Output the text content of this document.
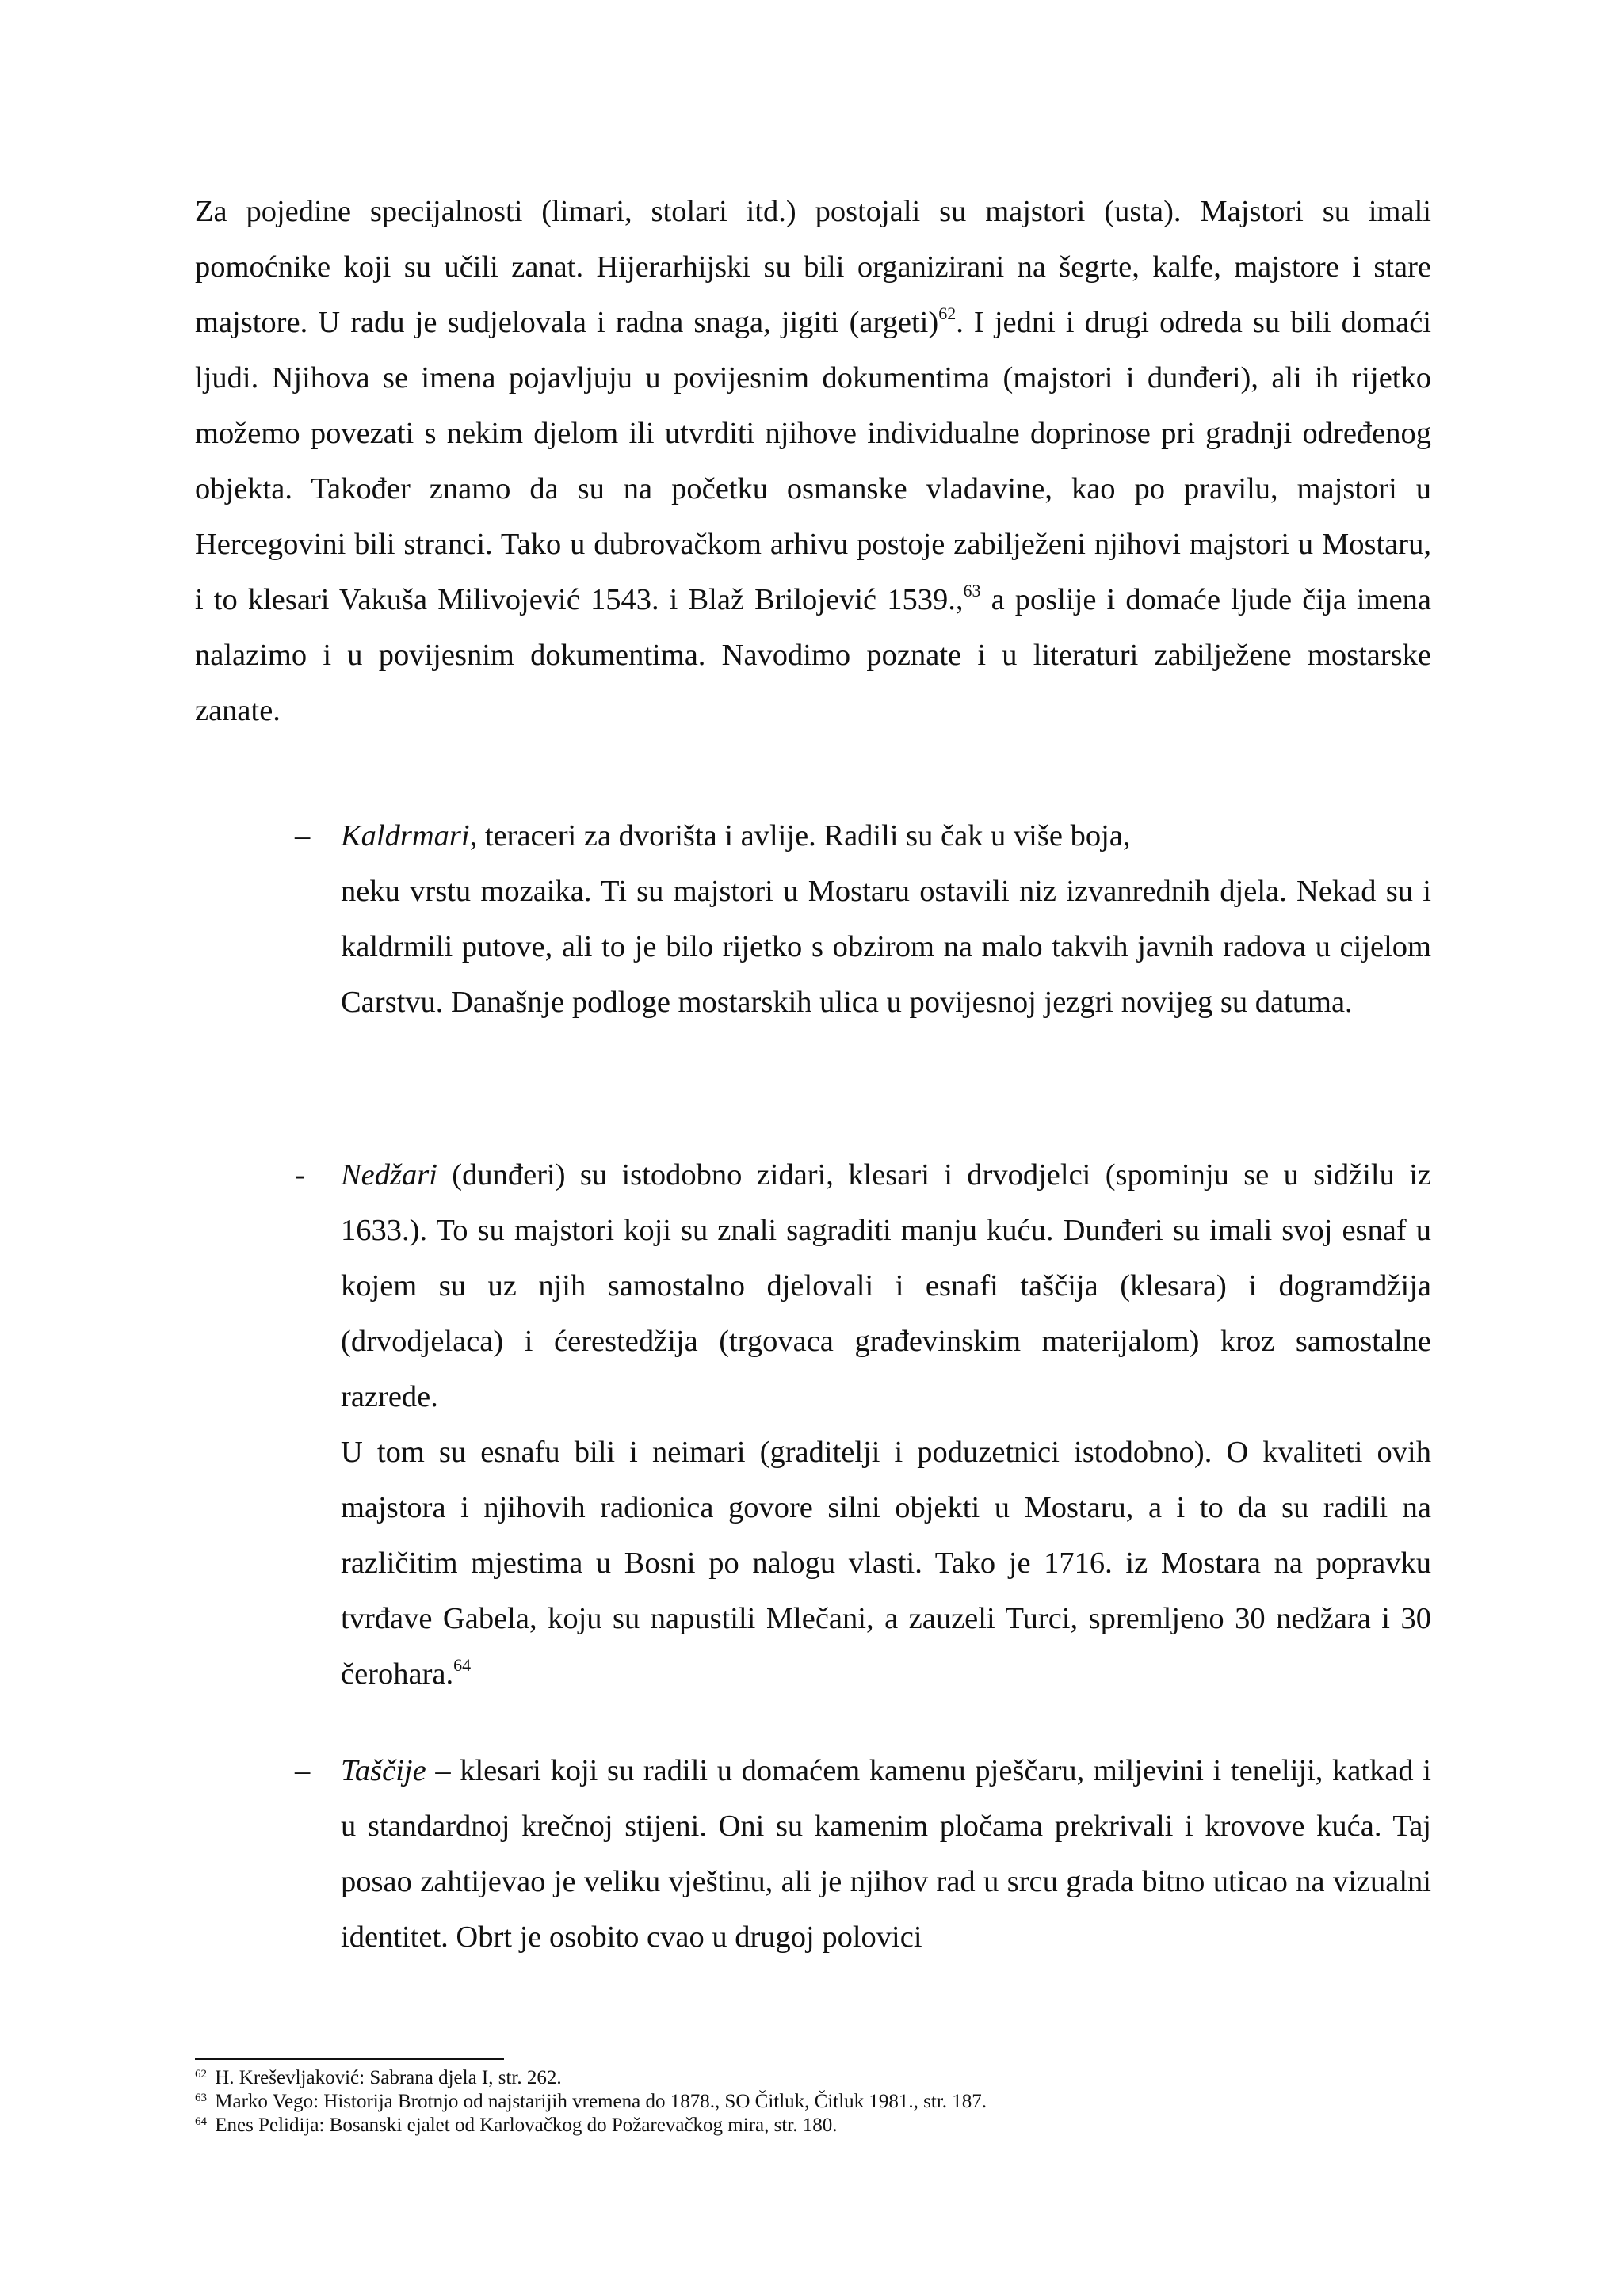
Za pojedine specijalnosti (limari, stolari itd.) postojali su majstori (usta). Majstori su imali pomoćnike koji su učili zanat. Hijerarhijski su bili organizirani na šegrte, kalfe, majstore i stare majstore. U radu je sudjelovala i radna snaga, jigiti (argeti)$^{62}$. I jedni i drugi odreda su bili domaći ljudi. Njihova se imena pojavljuju u povijesnim dokumentima (majstori i dunđeri), ali ih rijetko možemo povezati s nekim djelom ili utvrditi njihove individualne doprinose pri gradnji određenog objekta. Također znamo da su na početku osmanske vladavine, kao po pravilu, majstori u Hercegovini bili stranci. Tako u dubrovačkom arhivu postoje zabilježeni njihovi majstori u Mostaru, i to klesari Vakuša Milivojević 1543. i Blaž Brilojević 1539.,$^{63}$ a poslije i domaće ljude čija imena nalazimo i u povijesnim dokumentima. Navodimo poznate i u literaturi zabilježene mostarske zanate.

–	Kaldrmari, teraceri za dvorišta i avlije. Radili su čak u više boja,
neku vrstu mozaika. Ti su majstori u Mostaru ostavili niz izvanrednih djela. Nekad su i kaldrmili putove, ali to je bilo rijetko s obzirom na malo takvih javnih radova u cijelom Carstvu. Današnje podloge mostarskih ulica u povijesnoj jezgri novijeg su datuma.
-	Nedžari (dunđeri) su istodobno zidari, klesari i drvodjelci (spominju se u sidžilu iz 1633.). To su majstori koji su znali sagraditi manju kuću. Dunđeri su imali svoj esnaf u kojem su uz njih samostalno djelovali i esnafi taščija (klesara) i dogramdžija (drvodjelaca) i ćerestedžija (trgovaca građevinskim materijalom) kroz samostalne razrede.
U tom su esnafu bili i neimari (graditelji i poduzetnici istodobno). O kvaliteti ovih majstora i njihovih radionica govore silni objekti u Mostaru, a i to da su radili na različitim mjestima u Bosni po nalogu vlasti. Tako je 1716. iz Mostara na popravku tvrđave Gabela, koju su napustili Mlečani, a zauzeli Turci, spremljeno 30 nedžara i 30 čerohara.$^{64}$
–	Taščije – klesari koji su radili u domaćem kamenu pješčaru, miljevini i teneliji, katkad i u standardnoj krečnoj stijeni. Oni su kamenim pločama prekrivali i krovove kuća. Taj posao zahtijevao je veliku vještinu, ali je njihov rad u srcu grada bitno uticao na vizualni identitet. Obrt je osobito cvao u drugoj polovici
$^{62}$ H. Kreševljaković: Sabrana djela I, str. 262.
$^{63}$ Marko Vego: Historija Brotnjo od najstarijih vremena do 1878., SO Čitluk, Čitluk 1981., str. 187.
$^{64}$ Enes Pelidija: Bosanski ejalet od Karlovačkog do Požarevačkog mira, str. 180.
